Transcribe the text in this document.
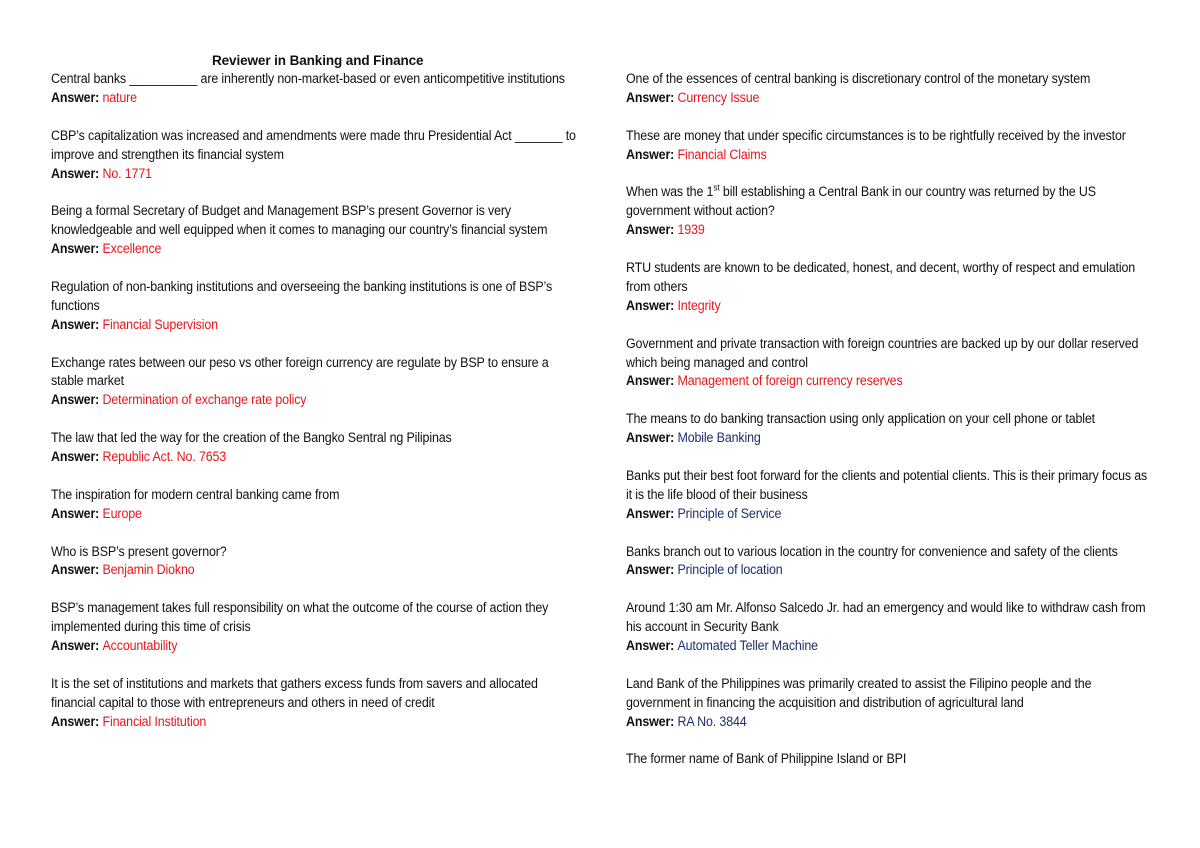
Reviewer in Banking and Finance
Central banks __________ are inherently non-market-based or even anticompetitive institutions
Answer: nature
CBP’s capitalization was increased and amendments were made thru Presidential Act _______ to improve and strengthen its financial system
Answer: No. 1771
Being a formal Secretary of Budget and Management BSP’s present Governor is very knowledgeable and well equipped when it comes to managing our country’s financial system
Answer: Excellence
Regulation of non-banking institutions and overseeing the banking institutions is one of BSP’s functions
Answer: Financial Supervision
Exchange rates between our peso vs other foreign currency are regulate by BSP to ensure a stable market
Answer: Determination of exchange rate policy
The law that led the way for the creation of the Bangko Sentral ng Pilipinas
Answer: Republic Act. No. 7653
The inspiration for modern central banking came from
Answer: Europe
Who is BSP’s present governor?
Answer: Benjamin Diokno
BSP’s management takes full responsibility on what the outcome of the course of action they implemented during this time of crisis
Answer: Accountability
It is the set of institutions and markets that gathers excess funds from savers and allocated financial capital to those with entrepreneurs and others in need of credit
Answer: Financial Institution
One of the essences of central banking is discretionary control of the monetary system
Answer: Currency Issue
These are money that under specific circumstances is to be rightfully received by the investor
Answer: Financial Claims
When was the 1st bill establishing a Central Bank in our country was returned by the US government without action?
Answer: 1939
RTU students are known to be dedicated, honest, and decent, worthy of respect and emulation from others
Answer: Integrity
Government and private transaction with foreign countries are backed up by our dollar reserved which being managed and control
Answer: Management of foreign currency reserves
The means to do banking transaction using only application on your cell phone or tablet
Answer: Mobile Banking
Banks put their best foot forward for the clients and potential clients. This is their primary focus as it is the life blood of their business
Answer: Principle of Service
Banks branch out to various location in the country for convenience and safety of the clients
Answer: Principle of location
Around 1:30 am Mr. Alfonso Salcedo Jr. had an emergency and would like to withdraw cash from his account in Security Bank
Answer: Automated Teller Machine
Land Bank of the Philippines was primarily created to assist the Filipino people and the government in financing the acquisition and distribution of agricultural land
Answer: RA No. 3844
The former name of Bank of Philippine Island or BPI
